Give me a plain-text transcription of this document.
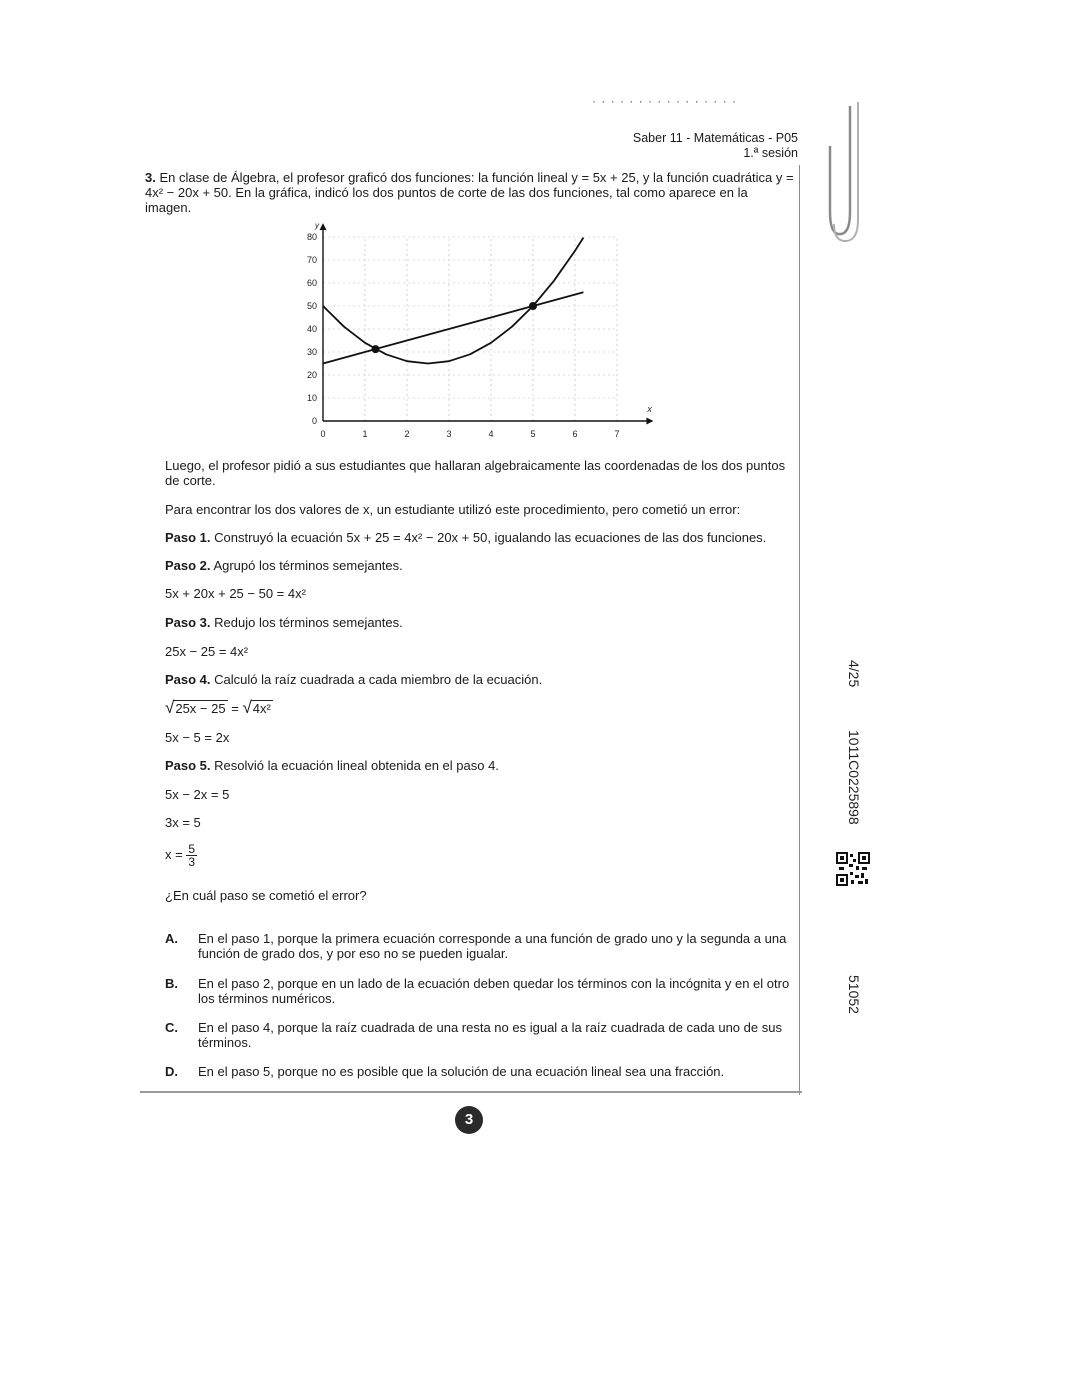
· · · · · · · · · · · · · · · ·
Saber 11 - Matemáticas - P05
1.ª sesión
3. En clase de Álgebra, el profesor graficó dos funciones: la función lineal y = 5x + 25, y la función cuadrática y = 4x² − 20x + 50. En la gráfica, indicó los dos puntos de corte de las dos funciones, tal como aparece en la imagen.
0	1	2	3	4	5	6	7
0
10
20
30
40
50
60
70
80
x
y
Luego, el profesor pidió a sus estudiantes que hallaran algebraicamente las coordenadas de los dos puntos de corte.
Para encontrar los dos valores de x, un estudiante utilizó este procedimiento, pero cometió un error:
Paso 1. Construyó la ecuación 5x + 25 = 4x² − 20x + 50, igualando las ecuaciones de las dos funciones.
Paso 2. Agrupó los términos semejantes.
5x + 20x + 25 − 50 = 4x²
Paso 3. Redujo los términos semejantes.
25x − 25 = 4x²
Paso 4. Calculó la raíz cuadrada a cada miembro de la ecuación.
√25x − 25 = √4x²
5x − 5 = 2x
Paso 5. Resolvió la ecuación lineal obtenida en el paso 4.
5x − 2x = 5
3x = 5
$x = \frac{5}{3}$
¿En cuál paso se cometió el error?
A. En el paso 1, porque la primera ecuación corresponde a una función de grado uno y la segunda a una función de grado dos, y por eso no se pueden igualar.
B. En el paso 2, porque en un lado de la ecuación deben quedar los términos con la incógnita y en el otro los términos numéricos.
C. En el paso 4, porque la raíz cuadrada de una resta no es igual a la raíz cuadrada de cada uno de sus términos.
D. En el paso 5, porque no es posible que la solución de una ecuación lineal sea una fracción.
3
4/25
1011C0225898
51052
